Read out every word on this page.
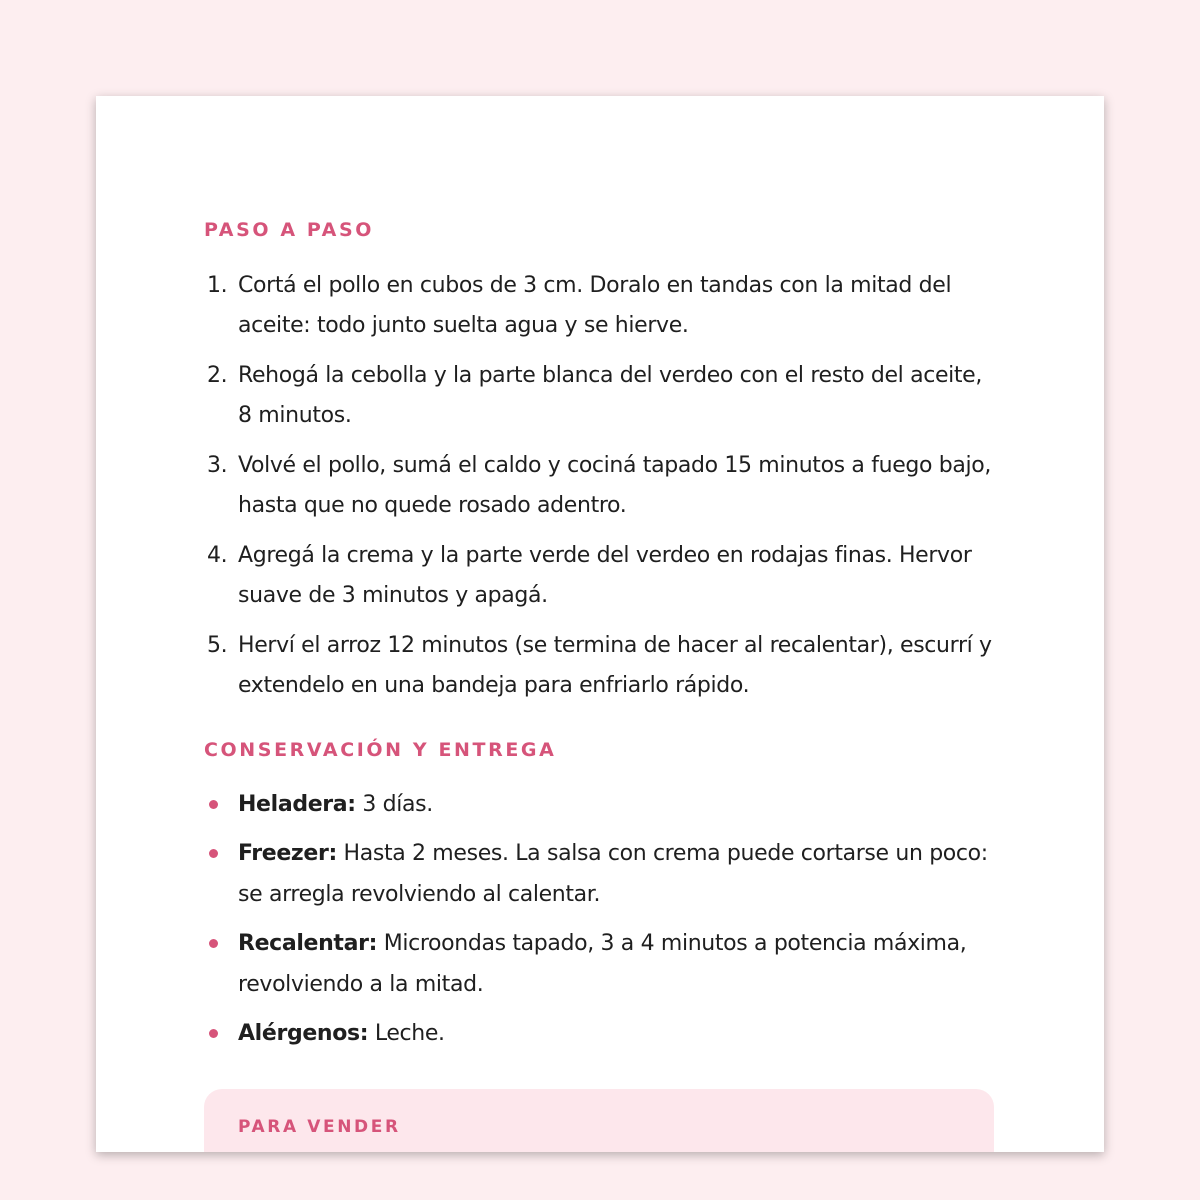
PASO A PASO
1. Cortá el pollo en cubos de 3 cm. Doralo en tandas con la mitad del aceite: todo junto suelta agua y se hierve.
2. Rehogá la cebolla y la parte blanca del verdeo con el resto del aceite, 8 minutos.
3. Volvé el pollo, sumá el caldo y cociná tapado 15 minutos a fuego bajo, hasta que no quede rosado adentro.
4. Agregá la crema y la parte verde del verdeo en rodajas finas. Hervor suave de 3 minutos y apagá.
5. Herví el arroz 12 minutos (se termina de hacer al recalentar), escurrí y extendelo en una bandeja para enfriarlo rápido.
CONSERVACIÓN Y ENTREGA
Heladera: 3 días.
Freezer: Hasta 2 meses. La salsa con crema puede cortarse un poco: se arregla revolviendo al calentar.
Recalentar: Microondas tapado, 3 a 4 minutos a potencia máxima, revolviendo a la mitad.
Alérgenos: Leche.
PARA VENDER
